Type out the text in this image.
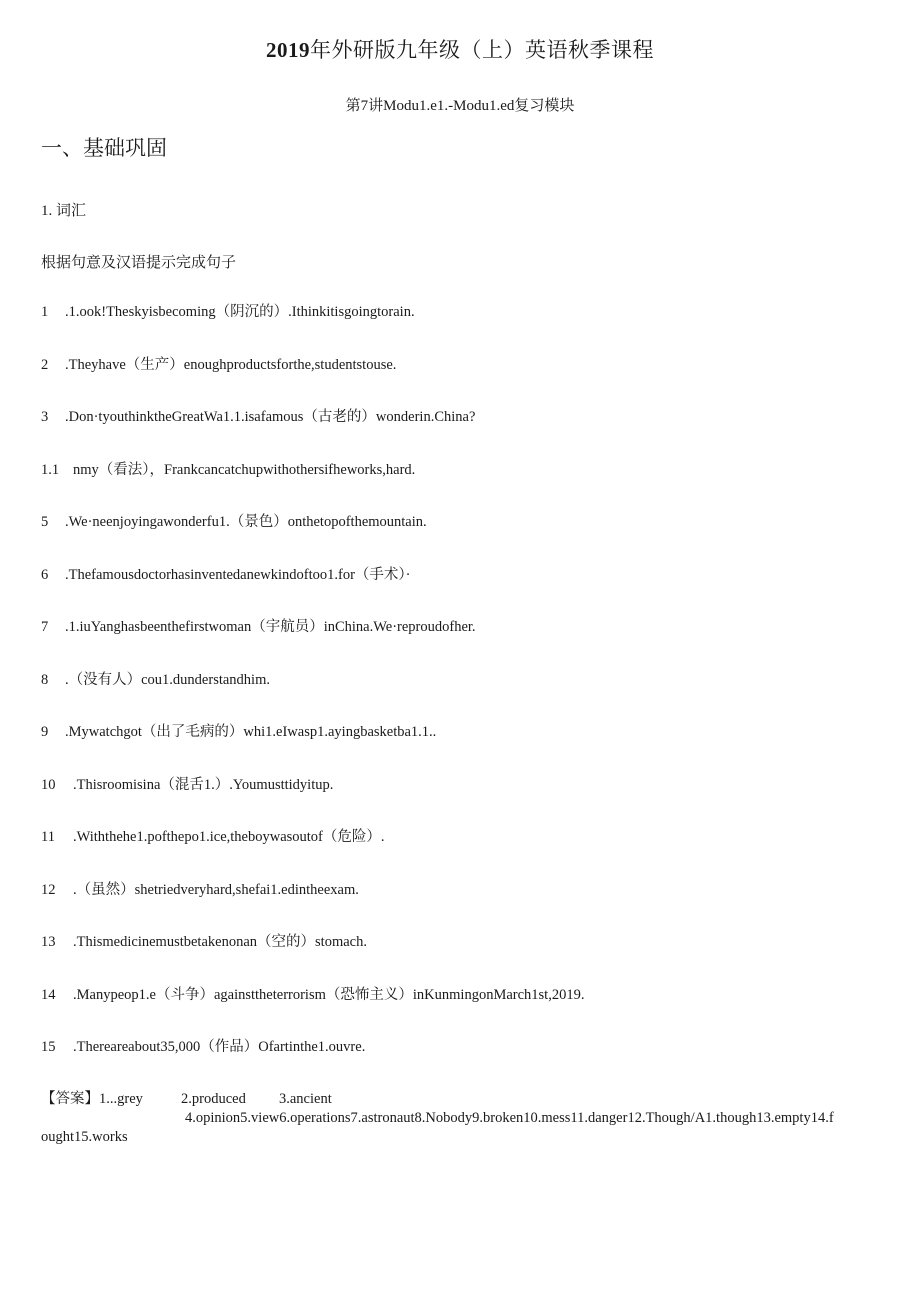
2019年外研版九年级（上）英语秋季课程
第7讲Modu1.e1.-Modu1.ed复习模块
一、基础巩固
1. 词汇
根据句意及汉语提示完成句子
1	.1.ook!Theskyisbecoming（阴沉的）.Ithinkitisgoingtorain.
2	.Theyhave（生产）enoughproductsforthe,studentstouse.
3	.Don·tyouthinktheGreatWa1.1.isafamous（古老的）wonderin.China?
1.1 nmy（看法），Frankcancatchupwithothersifheworks,hard.
5	.We·neenjoyingawonderfu1.（景色）onthetopofthemountain.
6	.Thefamousdoctorhasinventedanewkindoftoo1.for（手术）·
7	.1.iuYanghasbeenthefirstwoman（宇航员）inChina.We·reproudofher.
8	.（没有人）cou1.dunderstandhim.
9	.Mywatchgot（出了毛病的）whi1.eIwasp1.ayingbasketba1.1..
10	.Thisroomisina（混舌1.）.Youmusttidyitup.
11	.Withthehe1.pofthepo1.ice,theboywasoutof（危险）.
12	.（虽然）shetriedveryhard,shefai1.edintheexam.
13	.Thismedicinemustbetakenonan（空的）stomach.
14	.Manypeop1.e（斗争）againsttheterrorism（恐怖主义）inKunmingonMarch1st,2019.
15	.Thereareabout35,000（作品）Ofartinthe1.ouvre.
【答案】1...grey	2.produced 3.ancient
4.opinion5.view6.operations7.astronaut8.Nobody9.broken10.mess11.danger12.Though/A1.though13.empty14.f
ought15.works
